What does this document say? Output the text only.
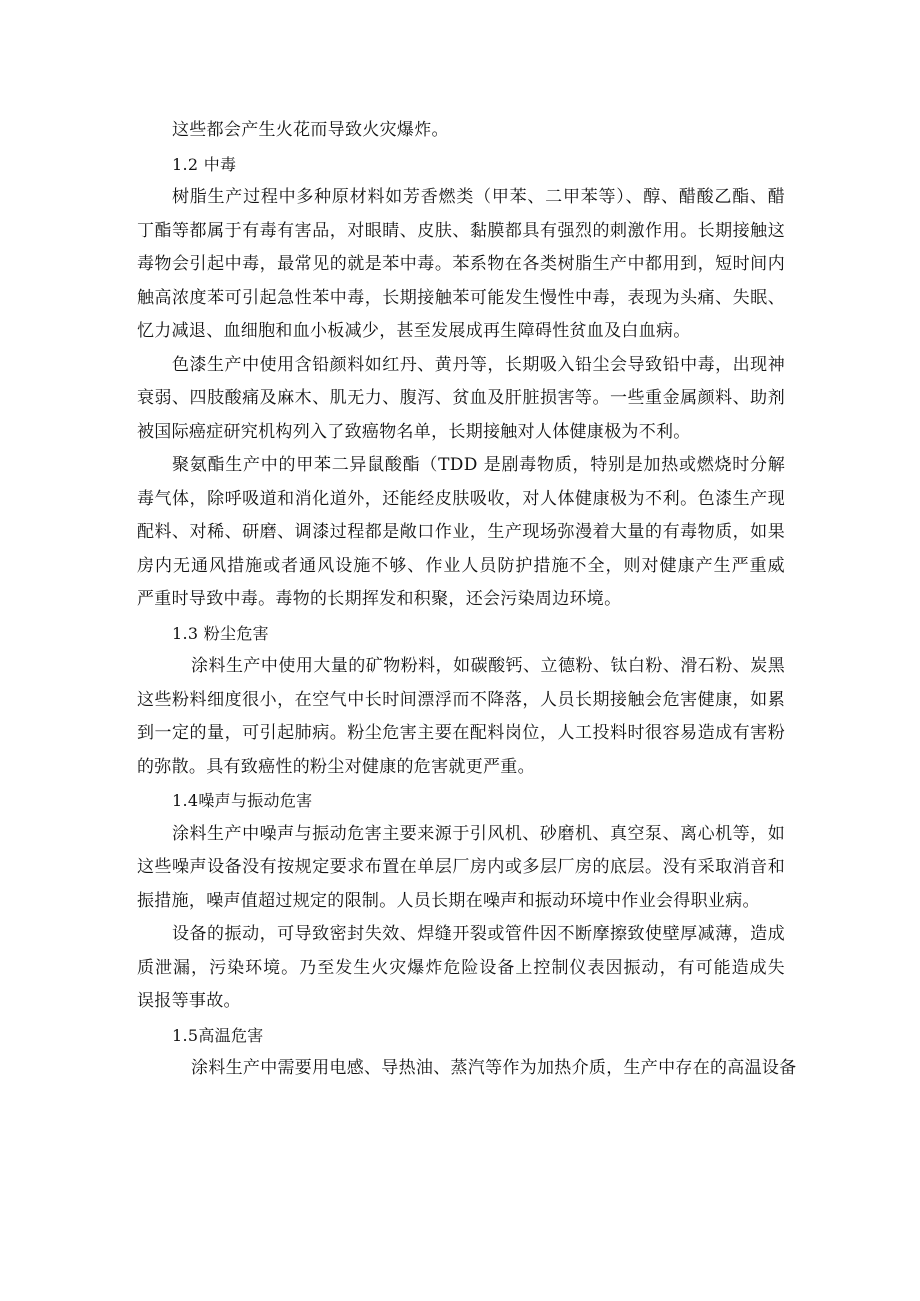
这些都会产生火花而导致火灾爆炸。
1.2 中毒
树脂生产过程中多种原材料如芳香燃类（甲苯、二甲苯等）、醇、醋酸乙酯、醋
丁酯等都属于有毒有害品，对眼睛、皮肤、黏膜都具有强烈的刺激作用。长期接触这
毒物会引起中毒，最常见的就是苯中毒。苯系物在各类树脂生产中都用到，短时间内
触高浓度苯可引起急性苯中毒，长期接触苯可能发生慢性中毒，表现为头痛、失眠、
忆力减退、血细胞和血小板减少，甚至发展成再生障碍性贫血及白血病。
色漆生产中使用含铅颜料如红丹、黄丹等，长期吸入铅尘会导致铅中毒，出现神
衰弱、四肢酸痛及麻木、肌无力、腹泻、贫血及肝脏损害等。一些重金属颜料、助剂
被国际癌症研究机构列入了致癌物名单，长期接触对人体健康极为不利。
聚氨酯生产中的甲苯二异鼠酸酯（TDD 是剧毒物质，特别是加热或燃烧时分解
毒气体，除呼吸道和消化道外，还能经皮肤吸收，对人体健康极为不利。色漆生产现
配料、对稀、研磨、调漆过程都是敞口作业，生产现场弥漫着大量的有毒物质，如果
房内无通风措施或者通风设施不够、作业人员防护措施不全，则对健康产生严重威
严重时导致中毒。毒物的长期挥发和积聚，还会污染周边环境。
1.3 粉尘危害
涂料生产中使用大量的矿物粉料，如碳酸钙、立德粉、钛白粉、滑石粉、炭黑
这些粉料细度很小，在空气中长时间漂浮而不降落，人员长期接触会危害健康，如累
到一定的量，可引起肺病。粉尘危害主要在配料岗位，人工投料时很容易造成有害粉
的弥散。具有致癌性的粉尘对健康的危害就更严重。
1.4噪声与振动危害
涂料生产中噪声与振动危害主要来源于引风机、砂磨机、真空泵、离心机等，如
这些噪声设备没有按规定要求布置在单层厂房内或多层厂房的底层。没有采取消音和
振措施，噪声值超过规定的限制。人员长期在噪声和振动环境中作业会得职业病。
设备的振动，可导致密封失效、焊缝开裂或管件因不断摩擦致使壁厚减薄，造成
质泄漏，污染环境。乃至发生火灾爆炸危险设备上控制仪表因振动，有可能造成失
误报等事故。
1.5高温危害
涂料生产中需要用电感、导热油、蒸汽等作为加热介质，生产中存在的高温设备
